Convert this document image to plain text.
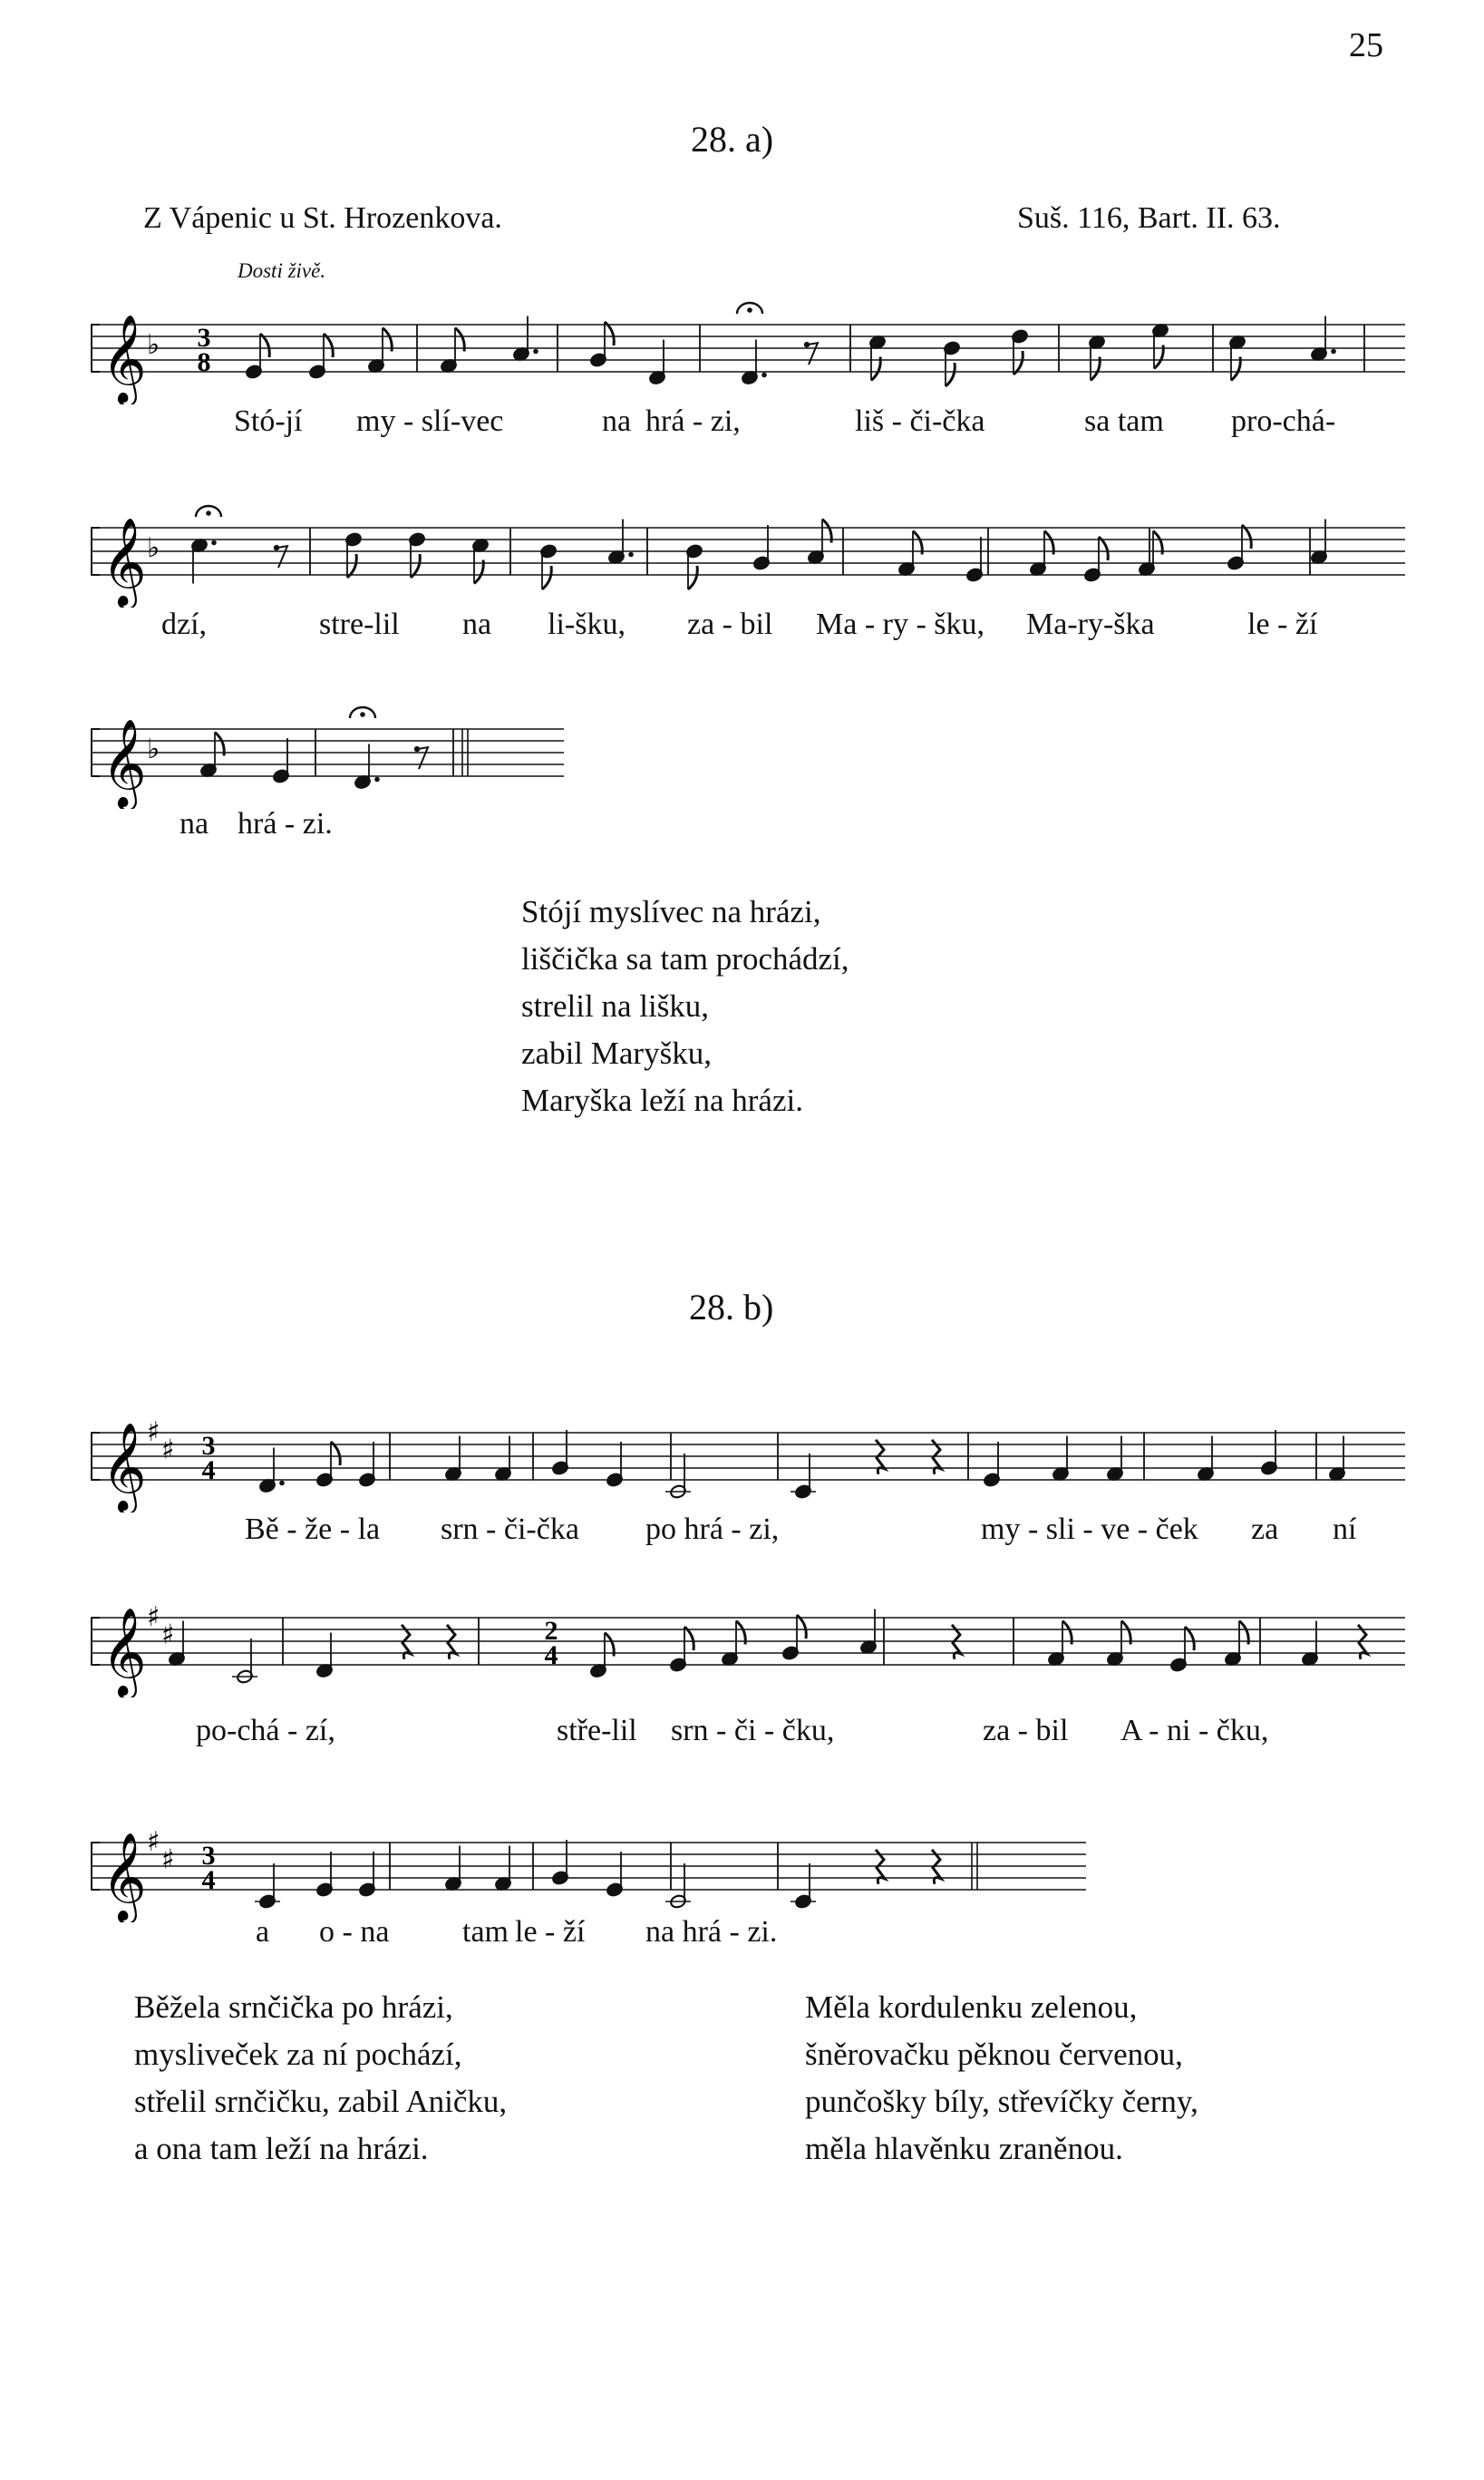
25
28. a)
Z Vápenic u St. Hrozenkova.	Suš. 116, Bart. II. 63.
Dosti živě.
𝄞 ♭ 3
8
Stó-jí my - slí-vec	na hrá - zi,	liš - či-čka	sa tam pro-chá-
𝄞 ♭
dzí,	stre-lil na li-šku, za - bil Ma - ry - šku, Ma-ry-ška	le - ží
𝄞 ♭
na hrá - zi.
Stójí myslívec na hrázi,
liščička sa tam prochádzí,
strelil na lišku,
zabil Maryšku,
Maryška leží na hrázi.
28. b)
𝄞 ♯
♯ 3
4
Bě - že - la srn - či-čka po hrá - zi,	my - sli - ve - ček za ní
𝄞 ♯
♯	2
4
po-chá - zí,	stře-lil srn - či - čku,	za - bil A - ni - čku,
𝄞 ♯
♯ 3
4
a o - na tam le - ží na hrá - zi.
Běžela srnčička po hrázi,
mysliveček za ní pochází,
střelil srnčičku, zabil Aničku,
a ona tam leží na hrázi.
Měla kordulenku zelenou,
šněrovačku pěknou červenou,
punčošky bíly, střevíčky černy,
měla hlavěnku zraněnou.
